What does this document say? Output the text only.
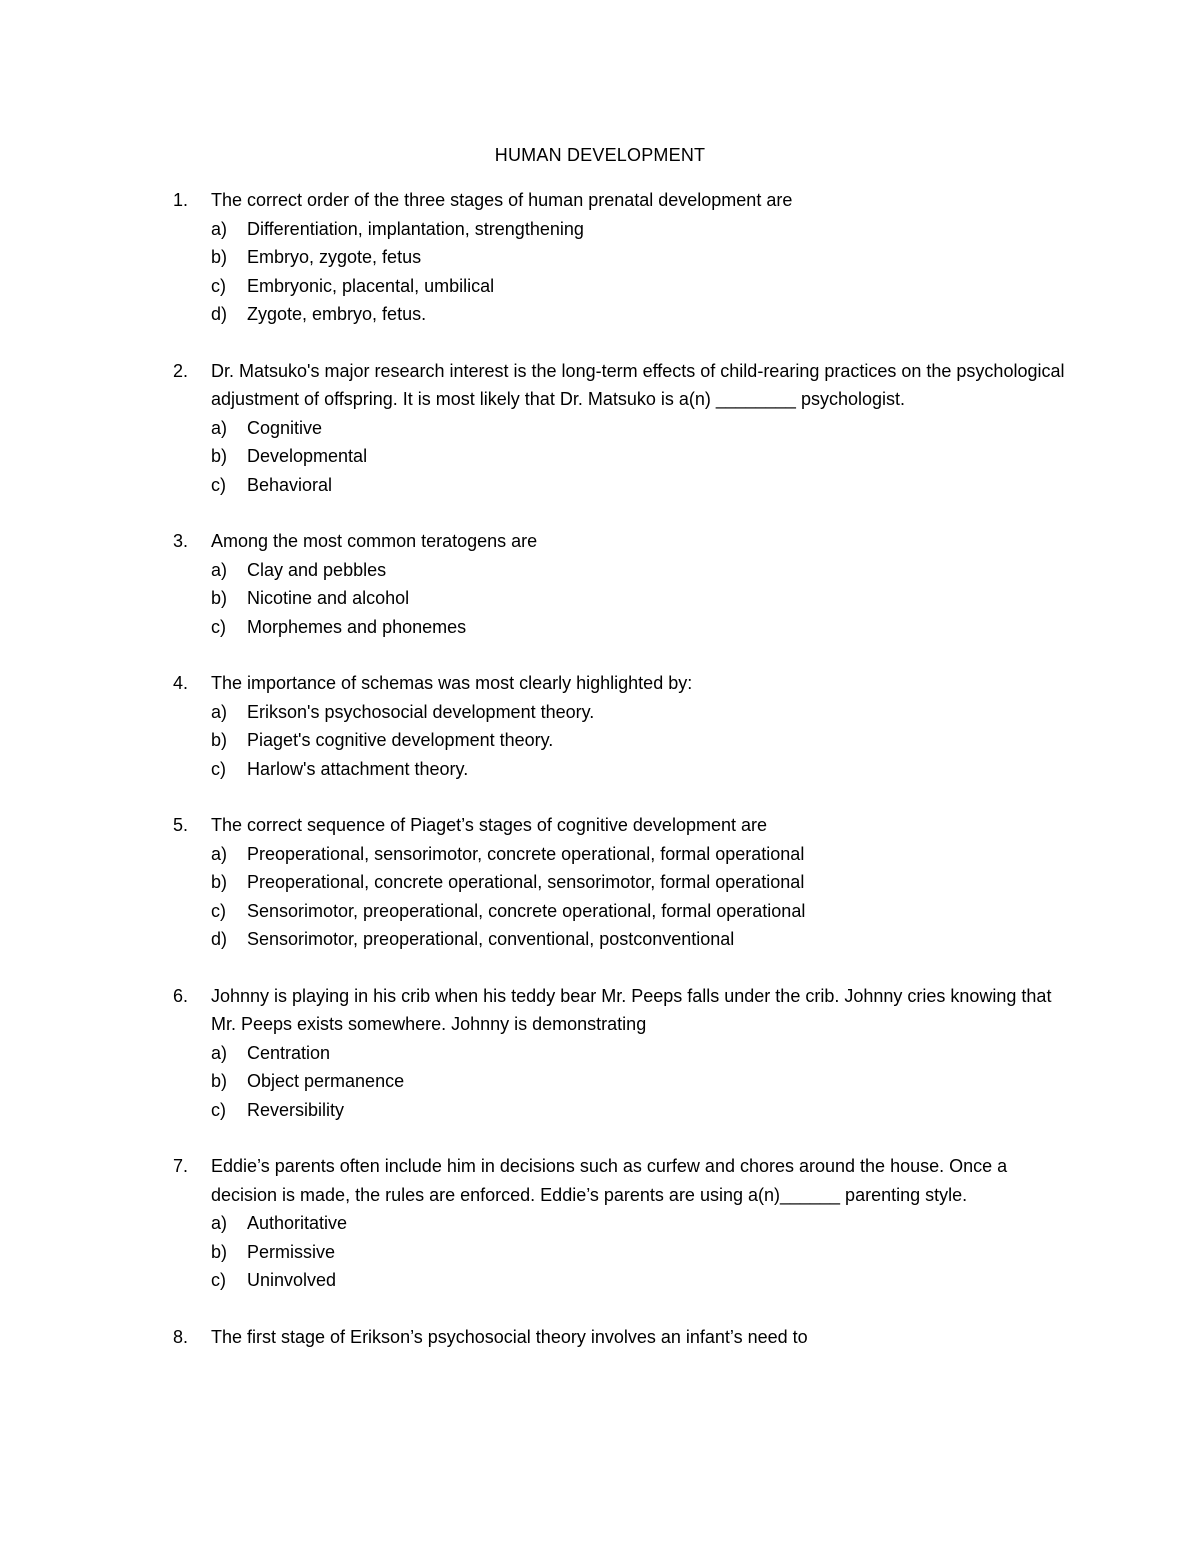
HUMAN DEVELOPMENT
1.	The correct order of the three stages of human prenatal development are
a)	Differentiation, implantation, strengthening
b)	Embryo, zygote, fetus
c)	Embryonic, placental, umbilical
d)	Zygote, embryo, fetus.
2.	Dr. Matsuko's major research interest is the long-term effects of child-rearing practices on the psychological adjustment of offspring. It is most likely that Dr. Matsuko is a(n) ________ psychologist.
a)	Cognitive
b)	Developmental
c)	Behavioral
3.	Among the most common teratogens are
a)	Clay and pebbles
b)	Nicotine and alcohol
c)	Morphemes and phonemes
4.	The importance of schemas was most clearly highlighted by:
a)	Erikson's psychosocial development theory.
b)	Piaget's cognitive development theory.
c)	Harlow's attachment theory.
5.	The correct sequence of Piaget’s stages of cognitive development are
a)	Preoperational, sensorimotor, concrete operational, formal operational
b)	Preoperational, concrete operational, sensorimotor, formal operational
c)	Sensorimotor, preoperational, concrete operational, formal operational
d)	Sensorimotor, preoperational, conventional, postconventional
6.	Johnny is playing in his crib when his teddy bear Mr. Peeps falls under the crib. Johnny cries knowing that Mr. Peeps exists somewhere. Johnny is demonstrating
a)	Centration
b)	Object permanence
c)	Reversibility
7.	Eddie’s parents often include him in decisions such as curfew and chores around the house. Once a decision is made, the rules are enforced. Eddie’s parents are using a(n)______ parenting style.
a)	Authoritative
b)	Permissive
c)	Uninvolved
8.	The first stage of Erikson’s psychosocial theory involves an infant’s need to
